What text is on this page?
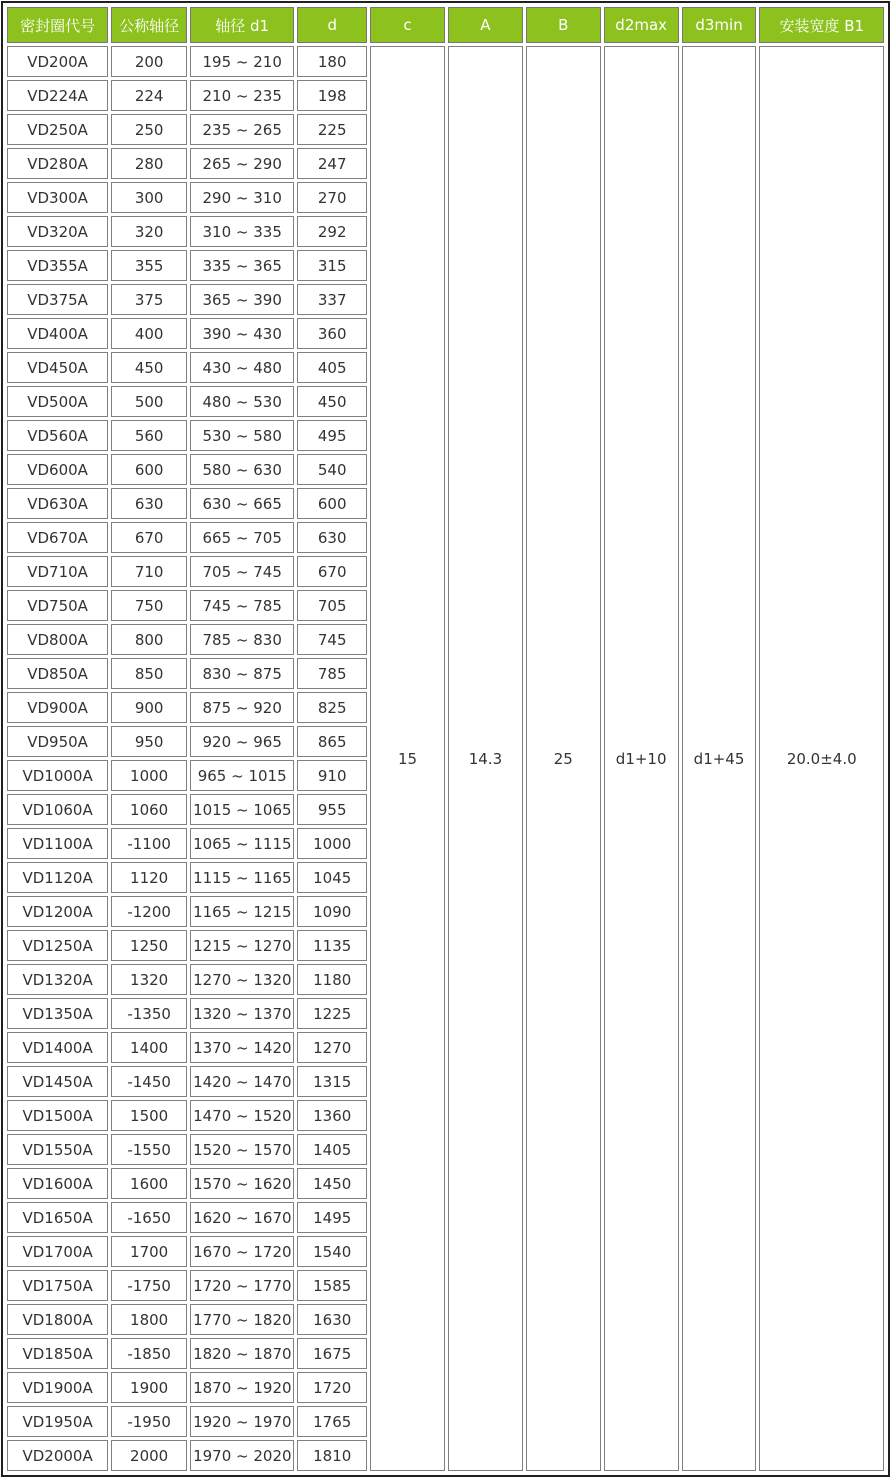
密封圈代号	公称轴径	轴径 d1	d	c	A	B	d2max	d3min	安装宽度 B1
VD200A	200	195 ~ 210	180	15	14.3	25	d1+10	d1+45	20.0±4.0
VD224A	224	210 ~ 235	198						
VD250A	250	235 ~ 265	225						
VD280A	280	265 ~ 290	247						
VD300A	300	290 ~ 310	270						
VD320A	320	310 ~ 335	292						
VD355A	355	335 ~ 365	315						
VD375A	375	365 ~ 390	337						
VD400A	400	390 ~ 430	360						
VD450A	450	430 ~ 480	405						
VD500A	500	480 ~ 530	450						
VD560A	560	530 ~ 580	495						
VD600A	600	580 ~ 630	540						
VD630A	630	630 ~ 665	600						
VD670A	670	665 ~ 705	630						
VD710A	710	705 ~ 745	670						
VD750A	750	745 ~ 785	705						
VD800A	800	785 ~ 830	745						
VD850A	850	830 ~ 875	785						
VD900A	900	875 ~ 920	825						
VD950A	950	920 ~ 965	865						
VD1000A	1000	965 ~ 1015	910						
VD1060A	1060	1015 ~ 1065	955						
VD1100A	-1100	1065 ~ 1115	1000						
VD1120A	1120	1115 ~ 1165	1045						
VD1200A	-1200	1165 ~ 1215	1090						
VD1250A	1250	1215 ~ 1270	1135						
VD1320A	1320	1270 ~ 1320	1180						
VD1350A	-1350	1320 ~ 1370	1225						
VD1400A	1400	1370 ~ 1420	1270						
VD1450A	-1450	1420 ~ 1470	1315						
VD1500A	1500	1470 ~ 1520	1360						
VD1550A	-1550	1520 ~ 1570	1405						
VD1600A	1600	1570 ~ 1620	1450						
VD1650A	-1650	1620 ~ 1670	1495						
VD1700A	1700	1670 ~ 1720	1540						
VD1750A	-1750	1720 ~ 1770	1585						
VD1800A	1800	1770 ~ 1820	1630						
VD1850A	-1850	1820 ~ 1870	1675						
VD1900A	1900	1870 ~ 1920	1720						
VD1950A	-1950	1920 ~ 1970	1765						
VD2000A	2000	1970 ~ 2020	1810						
